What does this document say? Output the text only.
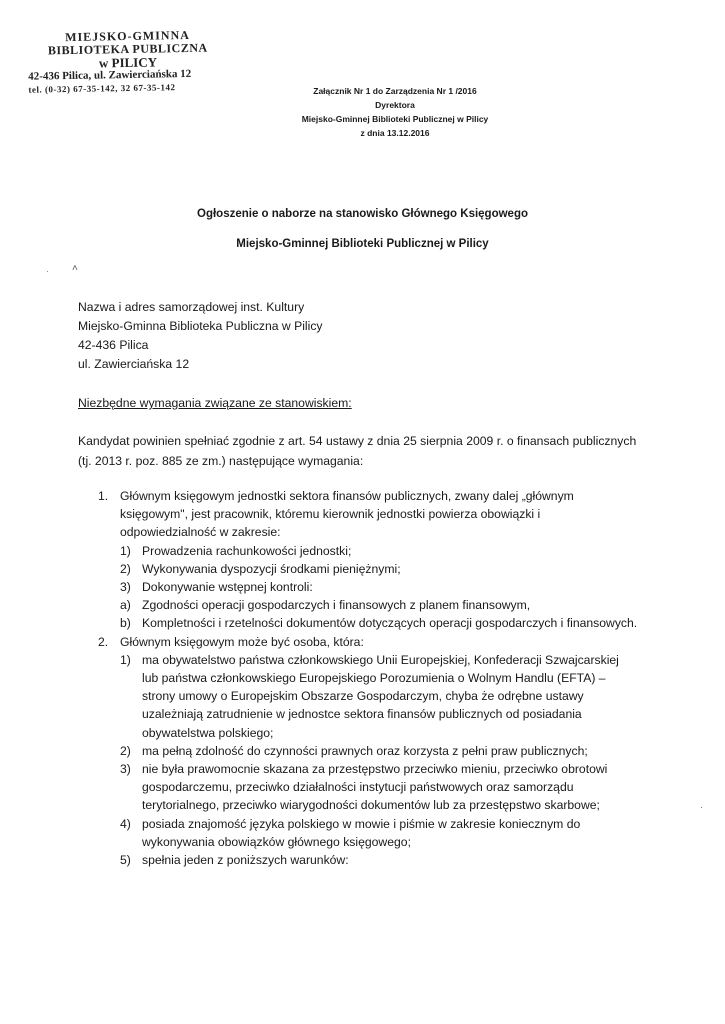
MIEJSKO-GMINNA
BIBLIOTEKA PUBLICZNA
w PILICY
42-436 Pilica, ul. Zawierciańska 12
tel. (0-32) 67-35-142, 32 67-35-142	Załącznik Nr 1 do Zarządzenia Nr 1 /2016
Dyrektora
Miejsko-Gminnej Biblioteki Publicznej w Pilicy
z dnia 13.12.2016
Ogłoszenie o naborze na stanowisko Głównego Księgowego
Miejsko-Gminnej Biblioteki Publicznej w Pilicy
· ˄
·
Nazwa i adres samorządowej inst. Kultury
Miejsko-Gminna Biblioteka Publiczna w Pilicy
42-436 Pilica
ul. Zawierciańska 12
Niezbędne wymagania związane ze stanowiskiem:
Kandydat powinien spełniać zgodnie z art. 54 ustawy z dnia 25 sierpnia 2009 r. o finansach publicznych (tj. 2013 r. poz. 885 ze zm.) następujące wymagania:
1. Głównym księgowym jednostki sektora finansów publicznych, zwany dalej „głównym księgowym", jest pracownik, któremu kierownik jednostki powierza obowiązki i odpowiedzialność w zakresie:
1) Prowadzenia rachunkowości jednostki;
2) Wykonywania dyspozycji środkami pieniężnymi;
3) Dokonywanie wstępnej kontroli:
a) Zgodności operacji gospodarczych i finansowych z planem finansowym,
b) Kompletności i rzetelności dokumentów dotyczących operacji gospodarczych i finansowych.
2. Głównym księgowym może być osoba, która:
1) ma obywatelstwo państwa członkowskiego Unii Europejskiej, Konfederacji Szwajcarskiej lub państwa członkowskiego Europejskiego Porozumienia o Wolnym Handlu (EFTA) – strony umowy o Europejskim Obszarze Gospodarczym, chyba że odrębne ustawy uzależniają zatrudnienie w jednostce sektora finansów publicznych od posiadania obywatelstwa polskiego;
2) ma pełną zdolność do czynności prawnych oraz korzysta z pełni praw publicznych;
3) nie była prawomocnie skazana za przestępstwo przeciwko mieniu, przeciwko obrotowi gospodarczemu, przeciwko działalności instytucji państwowych oraz samorządu terytorialnego, przeciwko wiarygodności dokumentów lub za przestępstwo skarbowe;
4) posiada znajomość języka polskiego w mowie i piśmie w zakresie koniecznym do wykonywania obowiązków głównego księgowego;
5) spełnia jeden z poniższych warunków:
